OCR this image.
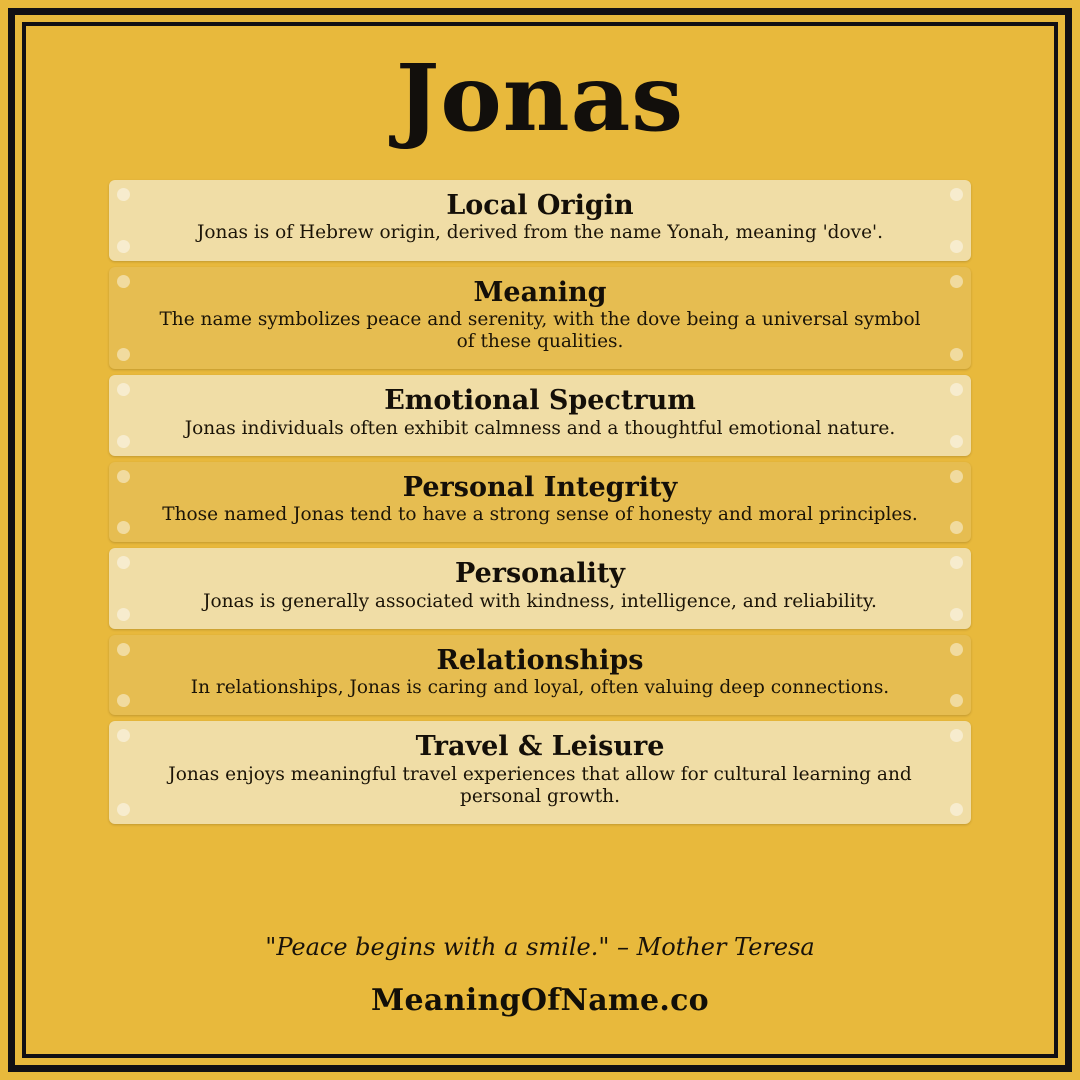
Jonas

Local Origin

Jonas is of Hebrew origin, derived from the name Yonah, meaning 'dove'.

Meaning

The name symbolizes peace and serenity, with the dove being a universal symbol of these qualities.

Emotional Spectrum

Jonas individuals often exhibit calmness and a thoughtful emotional nature.

Personal Integrity

Those named Jonas tend to have a strong sense of honesty and moral principles.

Personality

Jonas is generally associated with kindness, intelligence, and reliability.

Relationships

In relationships, Jonas is caring and loyal, often valuing deep connections.

Travel & Leisure

Jonas enjoys meaningful travel experiences that allow for cultural learning and personal growth.

"Peace begins with a smile." – Mother Teresa
MeaningOfName.co
